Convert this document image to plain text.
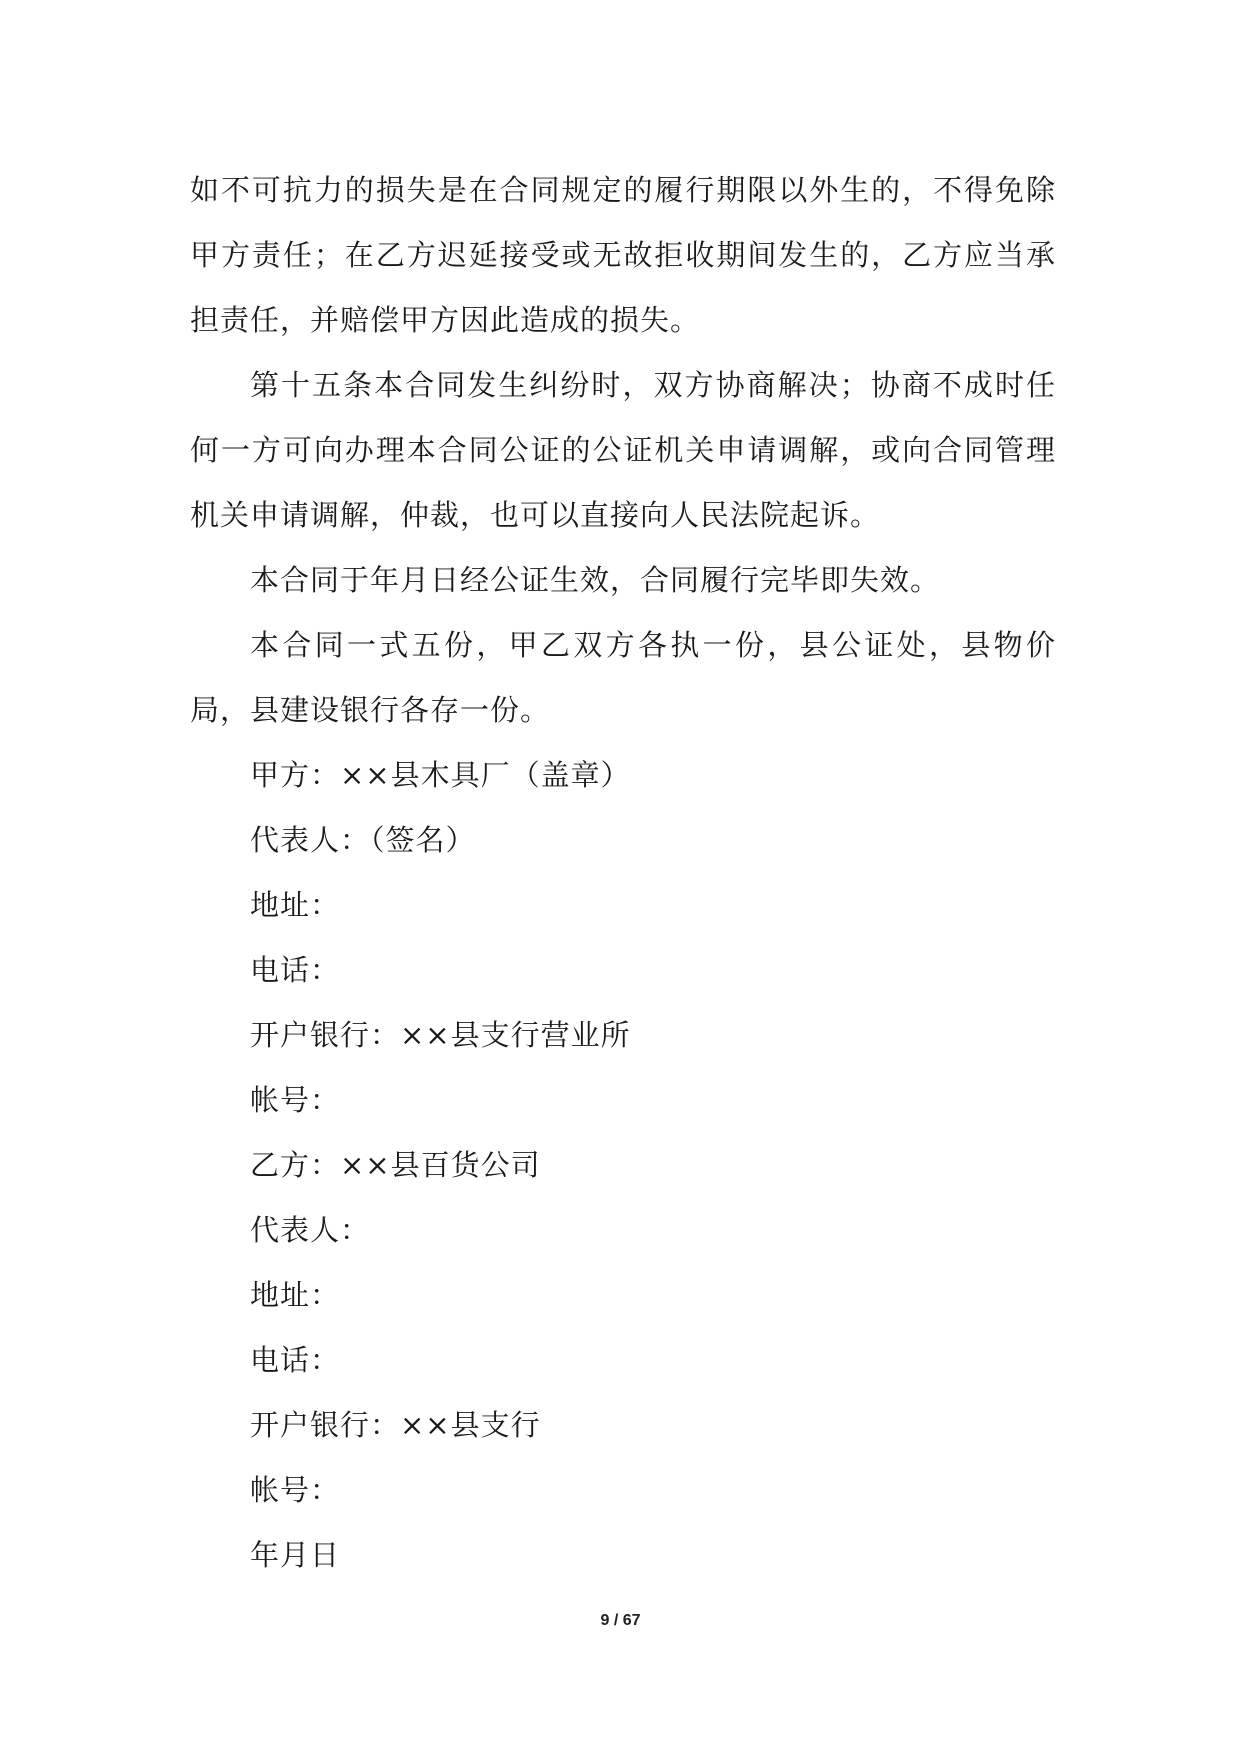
如不可抗力的损失是在合同规定的履行期限以外生的，不得免除甲方责任；在乙方迟延接受或无故拒收期间发生的，乙方应当承担责任，并赔偿甲方因此造成的损失。

第十五条本合同发生纠纷时，双方协商解决；协商不成时任何一方可向办理本合同公证的公证机关申请调解，或向合同管理机关申请调解，仲裁，也可以直接向人民法院起诉。

本合同于年月日经公证生效，合同履行完毕即失效。

本合同一式五份，甲乙双方各执一份，县公证处，县物价局，县建设银行各存一份。

甲方：××县木具厂（盖章）

代表人：（签名）

地址：

电话：

开户银行：××县支行营业所

帐号：

乙方：××县百货公司

代表人：

地址：

电话：

开户银行：××县支行

帐号：

年月日

9 / 67
